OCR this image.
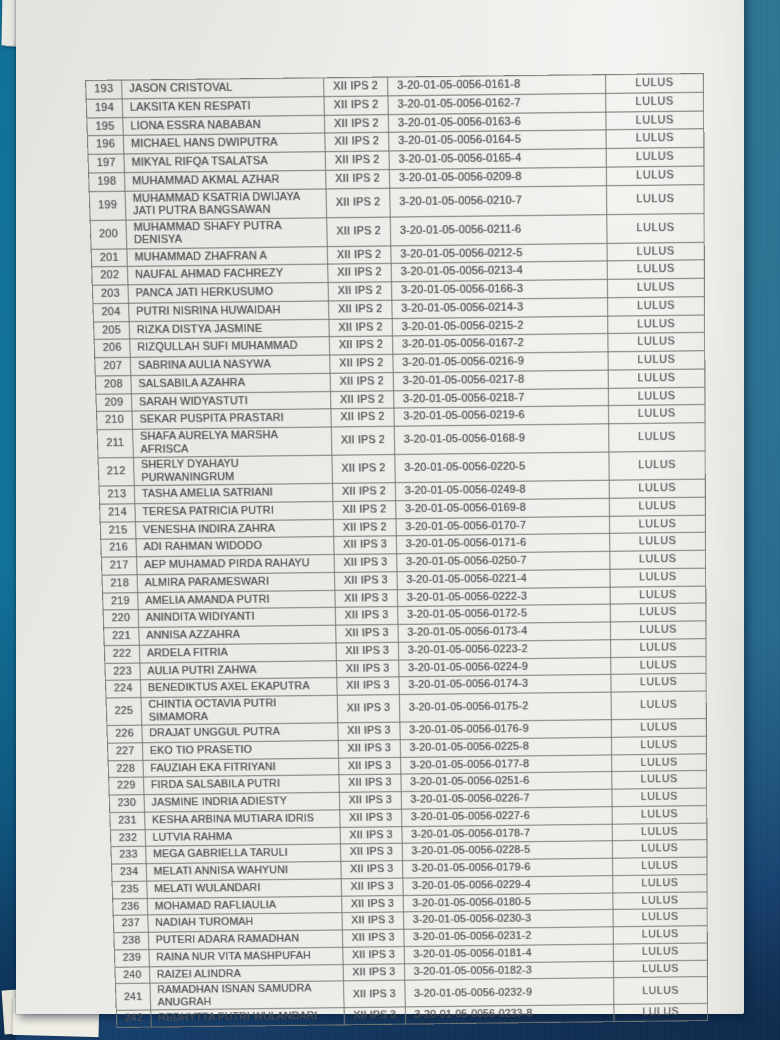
193	JASON CRISTOVAL	XII IPS 2	3-20-01-05-0056-0161-8	LULUS
194	LAKSITA KEN RESPATI	XII IPS 2	3-20-01-05-0056-0162-7	LULUS
195	LIONA ESSRA NABABAN	XII IPS 2	3-20-01-05-0056-0163-6	LULUS
196	MICHAEL HANS DWIPUTRA	XII IPS 2	3-20-01-05-0056-0164-5	LULUS
197	MIKYAL RIFQA TSALATSA	XII IPS 2	3-20-01-05-0056-0165-4	LULUS
198	MUHAMMAD AKMAL AZHAR	XII IPS 2	3-20-01-05-0056-0209-8	LULUS
199	MUHAMMAD KSATRIA DWIJAYA JATI PUTRA BANGSAWAN	XII IPS 2	3-20-01-05-0056-0210-7	LULUS
200	MUHAMMAD SHAFY PUTRA DENISYA	XII IPS 2	3-20-01-05-0056-0211-6	LULUS
201	MUHAMMAD ZHAFRAN A	XII IPS 2	3-20-01-05-0056-0212-5	LULUS
202	NAUFAL AHMAD FACHREZY	XII IPS 2	3-20-01-05-0056-0213-4	LULUS
203	PANCA JATI HERKUSUMO	XII IPS 2	3-20-01-05-0056-0166-3	LULUS
204	PUTRI NISRINA HUWAIDAH	XII IPS 2	3-20-01-05-0056-0214-3	LULUS
205	RIZKA DISTYA JASMINE	XII IPS 2	3-20-01-05-0056-0215-2	LULUS
206	RIZQULLAH SUFI MUHAMMAD	XII IPS 2	3-20-01-05-0056-0167-2	LULUS
207	SABRINA AULIA NASYWA	XII IPS 2	3-20-01-05-0056-0216-9	LULUS
208	SALSABILA AZAHRA	XII IPS 2	3-20-01-05-0056-0217-8	LULUS
209	SARAH WIDYASTUTI	XII IPS 2	3-20-01-05-0056-0218-7	LULUS
210	SEKAR PUSPITA PRASTARI	XII IPS 2	3-20-01-05-0056-0219-6	LULUS
211	SHAFA AURELYA MARSHA AFRISCA	XII IPS 2	3-20-01-05-0056-0168-9	LULUS
212	SHERLY DYAHAYU PURWANINGRUM	XII IPS 2	3-20-01-05-0056-0220-5	LULUS
213	TASHA AMELIA SATRIANI	XII IPS 2	3-20-01-05-0056-0249-8	LULUS
214	TERESA PATRICIA PUTRI	XII IPS 2	3-20-01-05-0056-0169-8	LULUS
215	VENESHA INDIRA ZAHRA	XII IPS 2	3-20-01-05-0056-0170-7	LULUS
216	ADI RAHMAN WIDODO	XII IPS 3	3-20-01-05-0056-0171-6	LULUS
217	AEP MUHAMAD PIRDA RAHAYU	XII IPS 3	3-20-01-05-0056-0250-7	LULUS
218	ALMIRA PARAMESWARI	XII IPS 3	3-20-01-05-0056-0221-4	LULUS
219	AMELIA AMANDA PUTRI	XII IPS 3	3-20-01-05-0056-0222-3	LULUS
220	ANINDITA WIDIYANTI	XII IPS 3	3-20-01-05-0056-0172-5	LULUS
221	ANNISA AZZAHRA	XII IPS 3	3-20-01-05-0056-0173-4	LULUS
222	ARDELA FITRIA	XII IPS 3	3-20-01-05-0056-0223-2	LULUS
223	AULIA PUTRI ZAHWA	XII IPS 3	3-20-01-05-0056-0224-9	LULUS
224	BENEDIKTUS AXEL EKAPUTRA	XII IPS 3	3-20-01-05-0056-0174-3	LULUS
225	CHINTIA OCTAVIA PUTRI SIMAMORA	XII IPS 3	3-20-01-05-0056-0175-2	LULUS
226	DRAJAT UNGGUL PUTRA	XII IPS 3	3-20-01-05-0056-0176-9	LULUS
227	EKO TIO PRASETIO	XII IPS 3	3-20-01-05-0056-0225-8	LULUS
228	FAUZIAH EKA FITRIYANI	XII IPS 3	3-20-01-05-0056-0177-8	LULUS
229	FIRDA SALSABILA PUTRI	XII IPS 3	3-20-01-05-0056-0251-6	LULUS
230	JASMINE INDRIA ADIESTY	XII IPS 3	3-20-01-05-0056-0226-7	LULUS
231	KESHA ARBINA MUTIARA IDRIS	XII IPS 3	3-20-01-05-0056-0227-6	LULUS
232	LUTVIA RAHMA	XII IPS 3	3-20-01-05-0056-0178-7	LULUS
233	MEGA GABRIELLA TARULI	XII IPS 3	3-20-01-05-0056-0228-5	LULUS
234	MELATI ANNISA WAHYUNI	XII IPS 3	3-20-01-05-0056-0179-6	LULUS
235	MELATI WULANDARI	XII IPS 3	3-20-01-05-0056-0229-4	LULUS
236	MOHAMAD RAFLIAULIA	XII IPS 3	3-20-01-05-0056-0180-5	LULUS
237	NADIAH TUROMAH	XII IPS 3	3-20-01-05-0056-0230-3	LULUS
238	PUTERI ADARA RAMADHAN	XII IPS 3	3-20-01-05-0056-0231-2	LULUS
239	RAINA NUR VITA MASHPUFAH	XII IPS 3	3-20-01-05-0056-0181-4	LULUS
240	RAIZEI ALINDRA	XII IPS 3	3-20-01-05-0056-0182-3	LULUS
241	RAMADHAN ISNAN SAMUDRA ANUGRAH	XII IPS 3	3-20-01-05-0056-0232-9	LULUS
242	REDHYTTA PUTRI WULANDARI	XII IPS 3	3-20-01-05-0056-0233-8	LULUS
